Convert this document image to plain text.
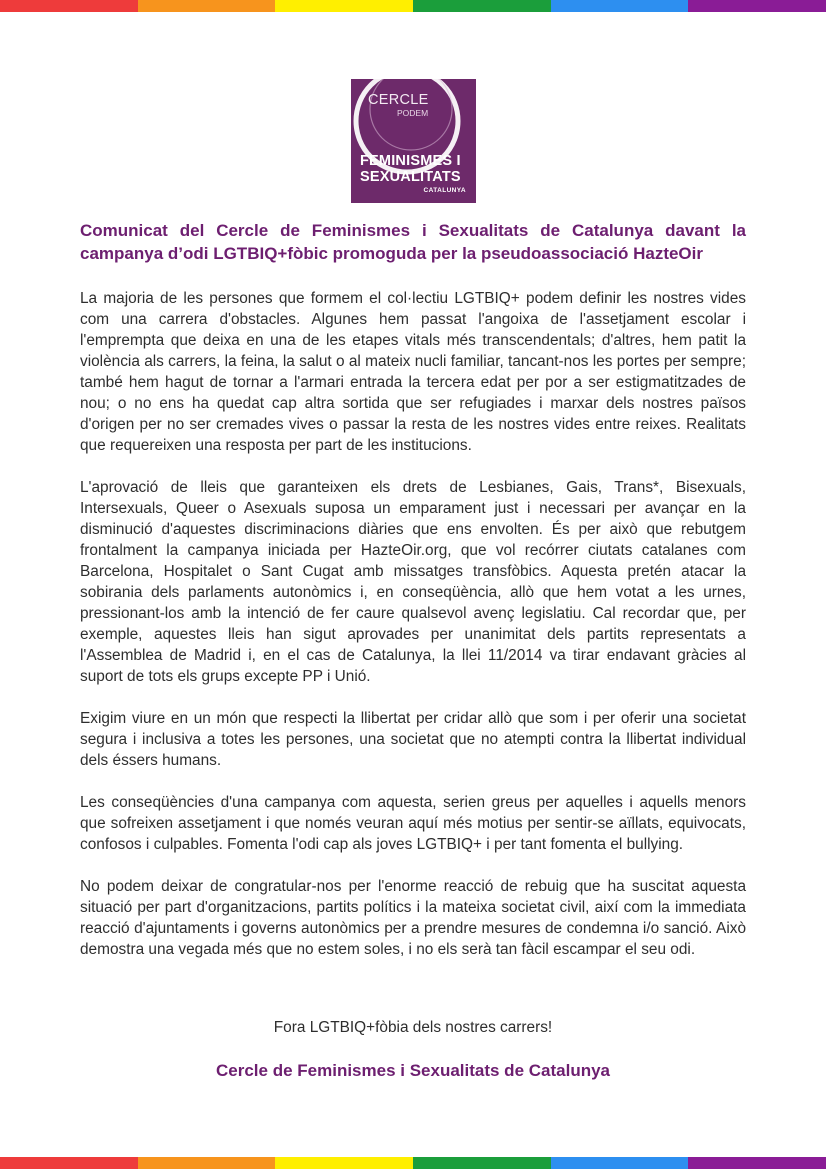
CERCLE
PODEM
FEMINISMES I
SEXUALITATS
CATALUNYA
Comunicat del Cercle de Feminismes i Sexualitats de Catalunya davant la campanya d’odi LGTBIQ+fòbic promoguda per la pseudoassociació HazteOir

La majoria de les persones que formem el col·lectiu LGTBIQ+ podem definir les nostres vides com una carrera d'obstacles. Algunes hem passat l'angoixa de l'assetjament escolar i l'emprempta que deixa en una de les etapes vitals més transcendentals; d'altres, hem patit la violència als carrers, la feina, la salut o al mateix nucli familiar, tancant-nos les portes per sempre; també hem hagut de tornar a l'armari entrada la tercera edat per por a ser estigmatitzades de nou; o no ens ha quedat cap altra sortida que ser refugiades i marxar dels nostres països d'origen per no ser cremades vives o passar la resta de les nostres vides entre reixes. Realitats que requereixen una resposta per part de les institucions.

L'aprovació de lleis que garanteixen els drets de Lesbianes, Gais, Trans*, Bisexuals, Intersexuals, Queer o Asexuals suposa un emparament just i necessari per avançar en la disminució d'aquestes discriminacions diàries que ens envolten. És per això que rebutgem frontalment la campanya iniciada per HazteOir.org, que vol recórrer ciutats catalanes com Barcelona, Hospitalet o Sant Cugat amb missatges transfòbics. Aquesta pretén atacar la sobirania dels parlaments autonòmics i, en conseqüència, allò que hem votat a les urnes, pressionant-los amb la intenció de fer caure qualsevol avenç legislatiu. Cal recordar que, per exemple, aquestes lleis han sigut aprovades per unanimitat dels partits representats a l'Assemblea de Madrid i, en el cas de Catalunya, la llei 11/2014 va tirar endavant gràcies al suport de tots els grups excepte PP i Unió.

Exigim viure en un món que respecti la llibertat per cridar allò que som i per oferir una societat segura i inclusiva a totes les persones, una societat que no atempti contra la llibertat individual dels éssers humans.

Les conseqüències d'una campanya com aquesta, serien greus per aquelles i aquells menors que sofreixen assetjament i que només veuran aquí més motius per sentir-se aïllats, equivocats, confosos i culpables. Fomenta l'odi cap als joves LGTBIQ+ i per tant fomenta el bullying.

No podem deixar de congratular-nos per l'enorme reacció de rebuig que ha suscitat aquesta situació per part d'organitzacions, partits polítics i la mateixa societat civil, així com la immediata reacció d'ajuntaments i governs autonòmics per a prendre mesures de condemna i/o sanció. Això demostra una vegada més que no estem soles, i no els serà tan fàcil escampar el seu odi.

Fora LGTBIQ+fòbia dels nostres carrers!

Cercle de Feminismes i Sexualitats de Catalunya
